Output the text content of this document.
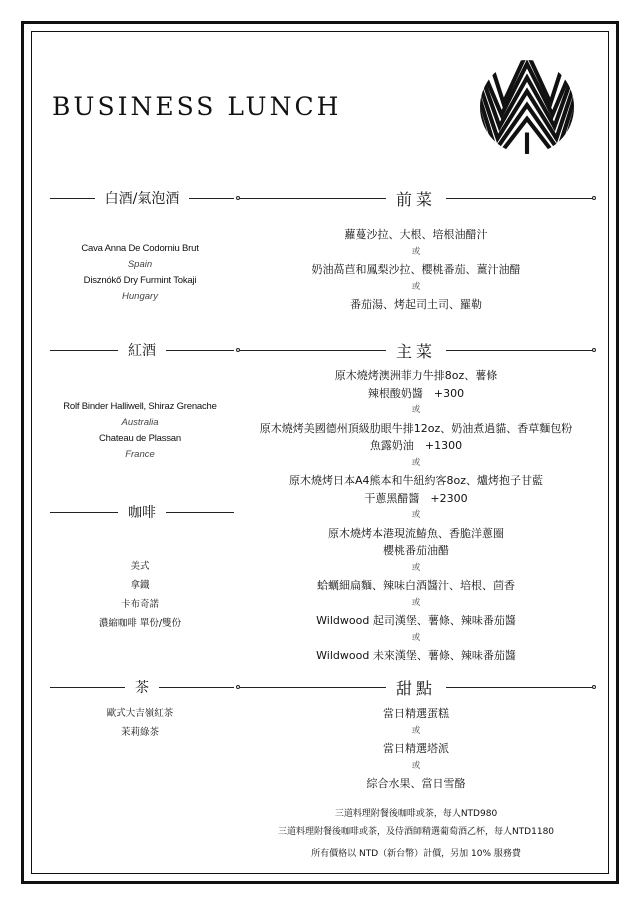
BUSINESS LUNCH
白酒/氣泡酒	前菜
紅酒	主菜
咖啡
茶	甜點
Cava Anna De Codorniu Brut
Spain
Disznókő Dry Furmint Tokaji
Hungary
Rolf Binder Halliwell, Shiraz Grenache
Australia
Chateau de Plassan
France
美式
拿鐵
卡布奇諾
濃縮咖啡 單份/雙份
歐式大吉嶺紅茶
茉莉綠茶
蘿蔓沙拉、大根、培根油醋汁
或
奶油萵苣和鳳梨沙拉、櫻桃番茄、薑汁油醋
或
番茄湯、烤起司土司、羅勒
原木燒烤澳洲菲力牛排8oz、薯條
辣根酸奶醬　+300
或
原木燒烤美國德州頂級肋眼牛排12oz、奶油煮過貓、香草麵包粉
魚露奶油　+1300
或
原木燒烤日本A4熊本和牛紐約客8oz、爐烤抱子甘藍
干蔥黑醋醬　+2300
或
原木燒烤本港現流鰆魚、香脆洋蔥圈
櫻桃番茄油醋
或
蛤蠣細扁麵、辣味白酒醬汁、培根、茴香
或
Wildwood 起司漢堡、薯條、辣味番茄醬
或
Wildwood 未來漢堡、薯條、辣味番茄醬
當日精選蛋糕
或
當日精選塔派
或
綜合水果、當日雪酪
三道料理附餐後咖啡或茶，每人NTD980
三道料理附餐後咖啡或茶，及侍酒師精選葡萄酒乙杯，每人NTD1180
所有價格以 NTD（新台幣）計價，另加 10% 服務費
